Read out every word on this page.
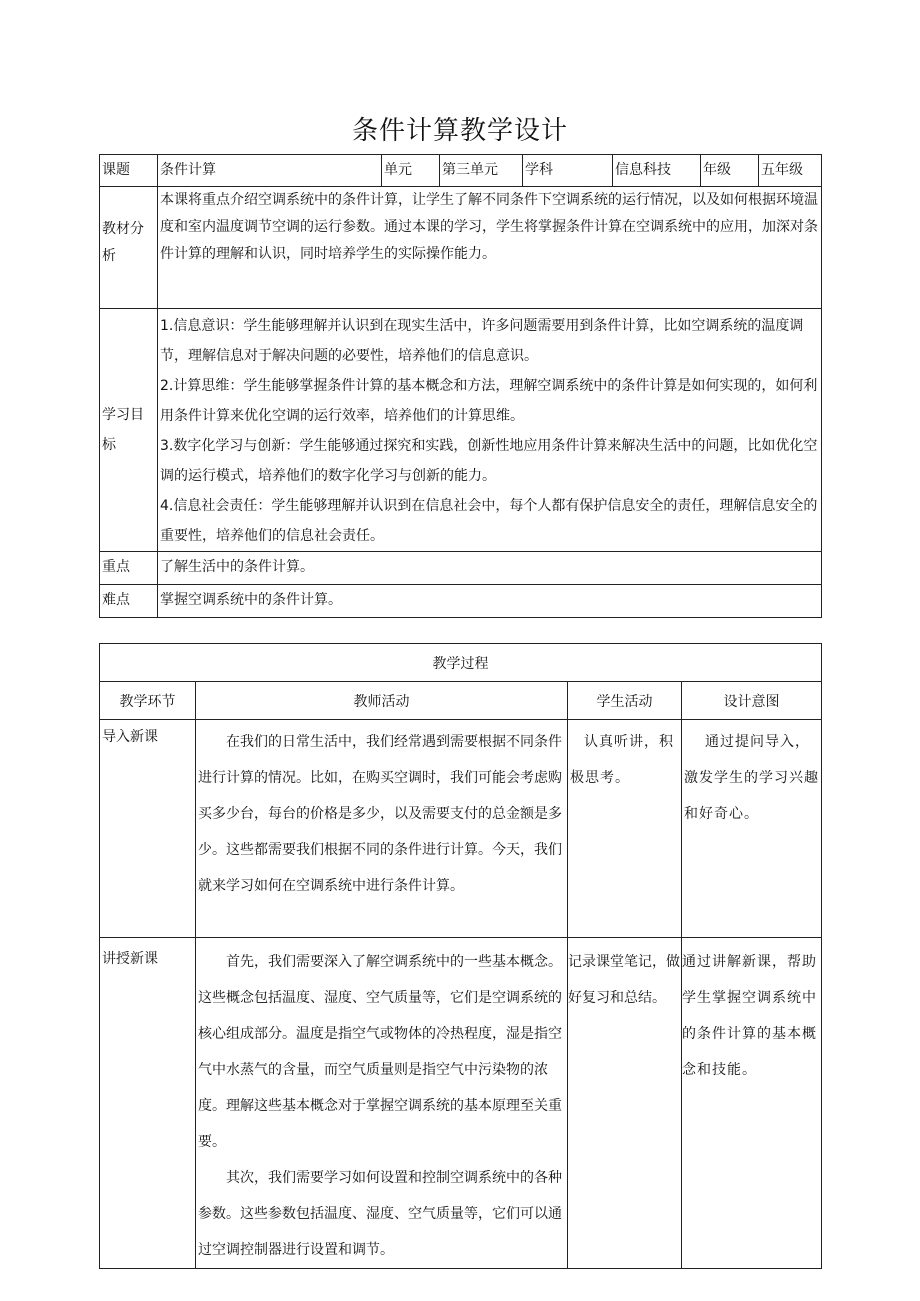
条件计算教学设计
课题	条件计算	单元	第三单元	学科	信息科技	年级	五年级
教材分析	本课将重点介绍空调系统中的条件计算，让学生了解不同条件下空调系统的运行情况，以及如何根据环境温度和室内温度调节空调的运行参数。通过本课的学习，学生将掌握条件计算在空调系统中的应用，加深对条件计算的理解和认识，同时培养学生的实际操作能力。						
学习目标	1.信息意识：学生能够理解并认识到在现实生活中，许多问题需要用到条件计算，比如空调系统的温度调节，理解信息对于解决问题的必要性，培养他们的信息意识。
2.计算思维：学生能够掌握条件计算的基本概念和方法，理解空调系统中的条件计算是如何实现的，如何利用条件计算来优化空调的运行效率，培养他们的计算思维。
3.数字化学习与创新：学生能够通过探究和实践，创新性地应用条件计算来解决生活中的问题，比如优化空调的运行模式，培养他们的数字化学习与创新的能力。
4.信息社会责任：学生能够理解并认识到在信息社会中，每个人都有保护信息安全的责任，理解信息安全的重要性，培养他们的信息社会责任。						

重点	了解生活中的条件计算。						
难点	掌握空调系统中的条件计算。						
教学过程			
教学环节	教师活动	学生活动	设计意图
导入新课	在我们的日常生活中，我们经常遇到需要根据不同条件进行计算的情况。比如，在购买空调时，我们可能会考虑购买多少台，每台的价格是多少，以及需要支付的总金额是多少。这些都需要我们根据不同的条件进行计算。今天，我们就来学习如何在空调系统中进行条件计算。	认真听讲，积极思考。	通过提问导入，激发学生的学习兴趣和好奇心。
讲授新课	首先，我们需要深入了解空调系统中的一些基本概念。这些概念包括温度、湿度、空气质量等，它们是空调系统的核心组成部分。温度是指空气或物体的冷热程度，湿是指空气中水蒸气的含量，而空气质量则是指空气中污染物的浓度。理解这些基本概念对于掌握空调系统的基本原理至关重要。
其次，我们需要学习如何设置和控制空调系统中的各种参数。这些参数包括温度、湿度、空气质量等，它们可以通过空调控制器进行设置和调节。	记录课堂笔记，做好复习和总结。	通过讲解新课，帮助学生掌握空调系统中的条件计算的基本概念和技能。
